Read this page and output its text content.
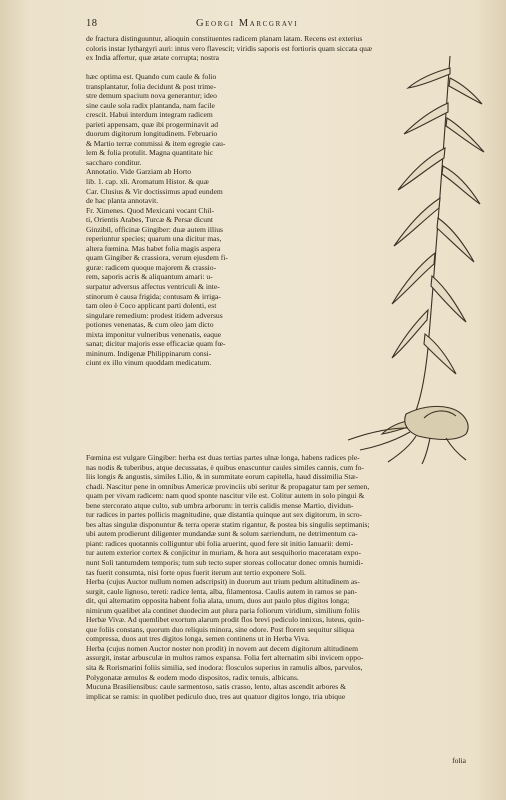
18	Georgi Marcgravi
de fractura distinguuntur, alioquin constituentes radicem planam latam. Recens est exterius
coloris instar lythargyri auri: intus vero flavescit; viridis saporis est fortioris quam siccata quæ
ex India affertur, quæ ætate corrupta; nostra
hæc optima est. Quando cum caule & folio
transplantatur, folia decidunt & post trime-
stre demum spacium nova generantur; ideo
sine caule sola radix plantanda, nam facile
crescit. Habui interdum integram radicem
parieti appensam, quæ ibi progerminavit ad
duorum digitorum longitudinem. Februario
& Martio terræ commissi & item egregie cau-
lem & folia protulit. Magna quantitate hic
saccharo conditur.
Annotatio. Vide Garziam ab Horto
lib. 1. cap. xli. Aromatum Histor. & quæ
Car. Clusius & Vir doctissimus apud eundem
de hac planta annotavit.
Fr. Ximenes. Quod Mexicani vocant Chil-
ti, Orientis Arabes, Turcæ & Persæ dicunt
Ginzibil, officinæ Gingiber: duæ autem illius
reperiuntur species; quarum una dicitur mas,
altera fœmina. Mas habet folia magis aspera
quam Gingiber & crassiora, verum ejusdem fi-
guræ: radicem quoque majorem & crassio-
rem, saporis acris & aliquantum amari: u-
surpatur adversus affectus ventriculi & inte-
stinorum è causa frigida; contusam & irriga-
tam oleo è Coco applicant parti dolenti, est
singulare remedium: prodest itidem adversus
potiones venenatas, & cum oleo jam dicto
mixta imponitur vulneribus venenatis, eaque
sanat; dicitur majoris esse efficaciæ quam fœ-
mininum. Indigenæ Philippinarum consi-
ciunt ex illo vinum quoddam medicatum.
Fœmina est vulgare Gingiber: herba est duas tertias partes ulnæ longa, habens radices ple-
nas nodis & tuberibus, atque decussatas, è quibus enascuntur caules similes cannis, cum fo-
liis longis & angustis, similes Lilio, & in summitate eorum capitella, haud dissimilia Stæ-
chadi. Nascitur pene in omnibus Americæ provinciis ubi seritur & propagatur tam per semen,
quam per vivam radicem: nam quod sponte nascitur vile est. Colitur autem in solo pingui &
bene stercorato atque culto, sub umbra arborum: in terris calidis mense Martio, dividun-
tur radices in partes pollicis magnitudine, quæ distantia quinque aut sex digitorum, in scro-
bes altas singulæ disponuntur & terra operæ statim rigantur, & postea bis singulis septimanis;
ubi autem prodierunt diligenter mundandæ sunt & solum sarriendum, ne detrimentum ca-
piant: radices quotannis colliguntur ubi folia aruerint, quod fere sit initio Ianuarii: demi-
tur autem exterior cortex & conjicitur in muriam, & hora aut sesquihorio maceratam expo-
nunt Soli tantumdem temporis; tum sub tecto super storeas collocatur donec omnis humidi-
tas fuerit consumta, nisi forte opus fuerit iterum aut tertio exponere Soli.
Herba (cujus Auctor nullum nomen adscripsit) in duorum aut trium pedum altitudinem as-
surgit, caule lignoso, tereti: radice lenta, alba, filamentosa. Caulis autem in ramos se pan-
dit, qui alternatim opposita habent folia alata, unum, duos aut paulo plus digitos longa;
nimirum quælibet ala continet duodecim aut plura paria foliorum viridium, similium foliis
Herbæ Vivæ. Ad quemlibet exortum alarum prodit flos brevi pediculo innixus, luteus, quin-
que foliis constans, quorum duo reliquis minora, sine odore. Post florem sequitur siliqua
compressa, duos aut tres digitos longa, semen continens ut in Herba Viva.
Herba (cujus nomen Auctor noster non prodit) in novem aut decem digitorum altitudinem
assurgit, instar arbusculæ in multos ramos expansa. Folia fert alternatim sibi invicem oppo-
sita & Rorismarini foliis similia, sed inodora: flosculos superius in ramulis albos, parvulos,
Polygonatæ æmulos & eodem modo dispositos, radix tenuis, albicans.
Mucuna Brasiliensibus: caule sarmentoso, satis crasso, lento, altas ascendit arbores &
implicat se ramis: in quolibet pediculo duo, tres aut quatuor digitos longo, tria ubique
folia
